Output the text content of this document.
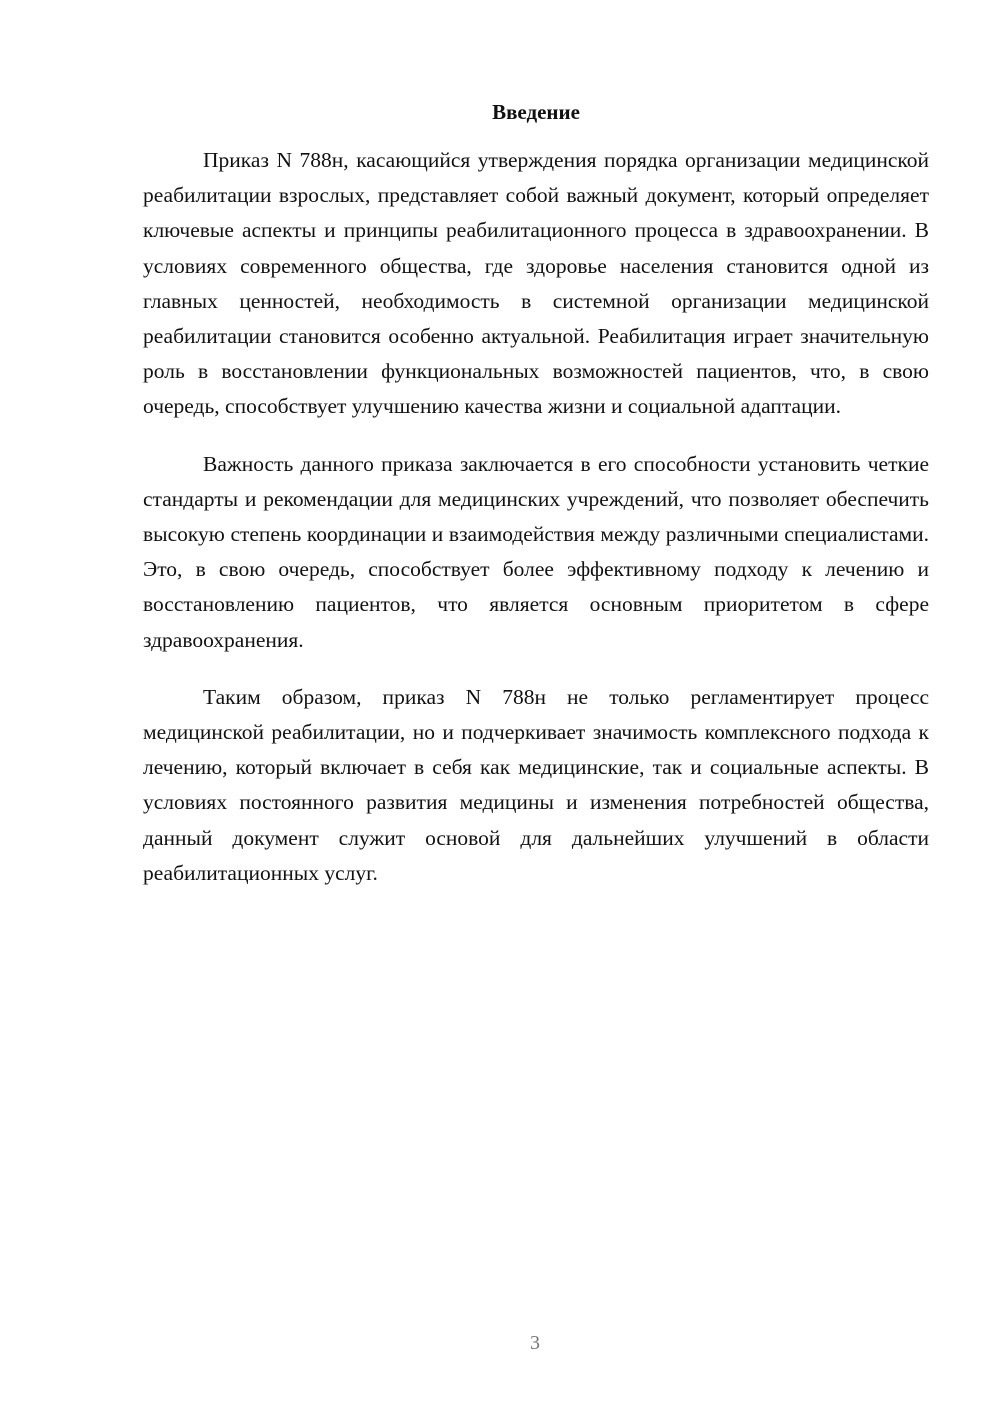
Введение

Приказ N 788н, касающийся утверждения порядка организации медицинской реабилитации взрослых, представляет собой важный документ, который определяет ключевые аспекты и принципы реабилитационного процесса в здравоохранении. В условиях современного общества, где здоровье населения становится одной из главных ценностей, необходимость в системной организации медицинской реабилитации становится особенно актуальной. Реабилитация играет значительную роль в восстановлении функциональных возможностей пациентов, что, в свою очередь, способствует улучшению качества жизни и социальной адаптации.

Важность данного приказа заключается в его способности установить четкие стандарты и рекомендации для медицинских учреждений, что позволяет обеспечить высокую степень координации и взаимодействия между различными специалистами. Это, в свою очередь, способствует более эффективному подходу к лечению и восстановлению пациентов, что является основным приоритетом в сфере здравоохранения.

Таким образом, приказ N 788н не только регламентирует процесс медицинской реабилитации, но и подчеркивает значимость комплексного подхода к лечению, который включает в себя как медицинские, так и социальные аспекты. В условиях постоянного развития медицины и изменения потребностей общества, данный документ служит основой для дальнейших улучшений в области реабилитационных услуг.

3
